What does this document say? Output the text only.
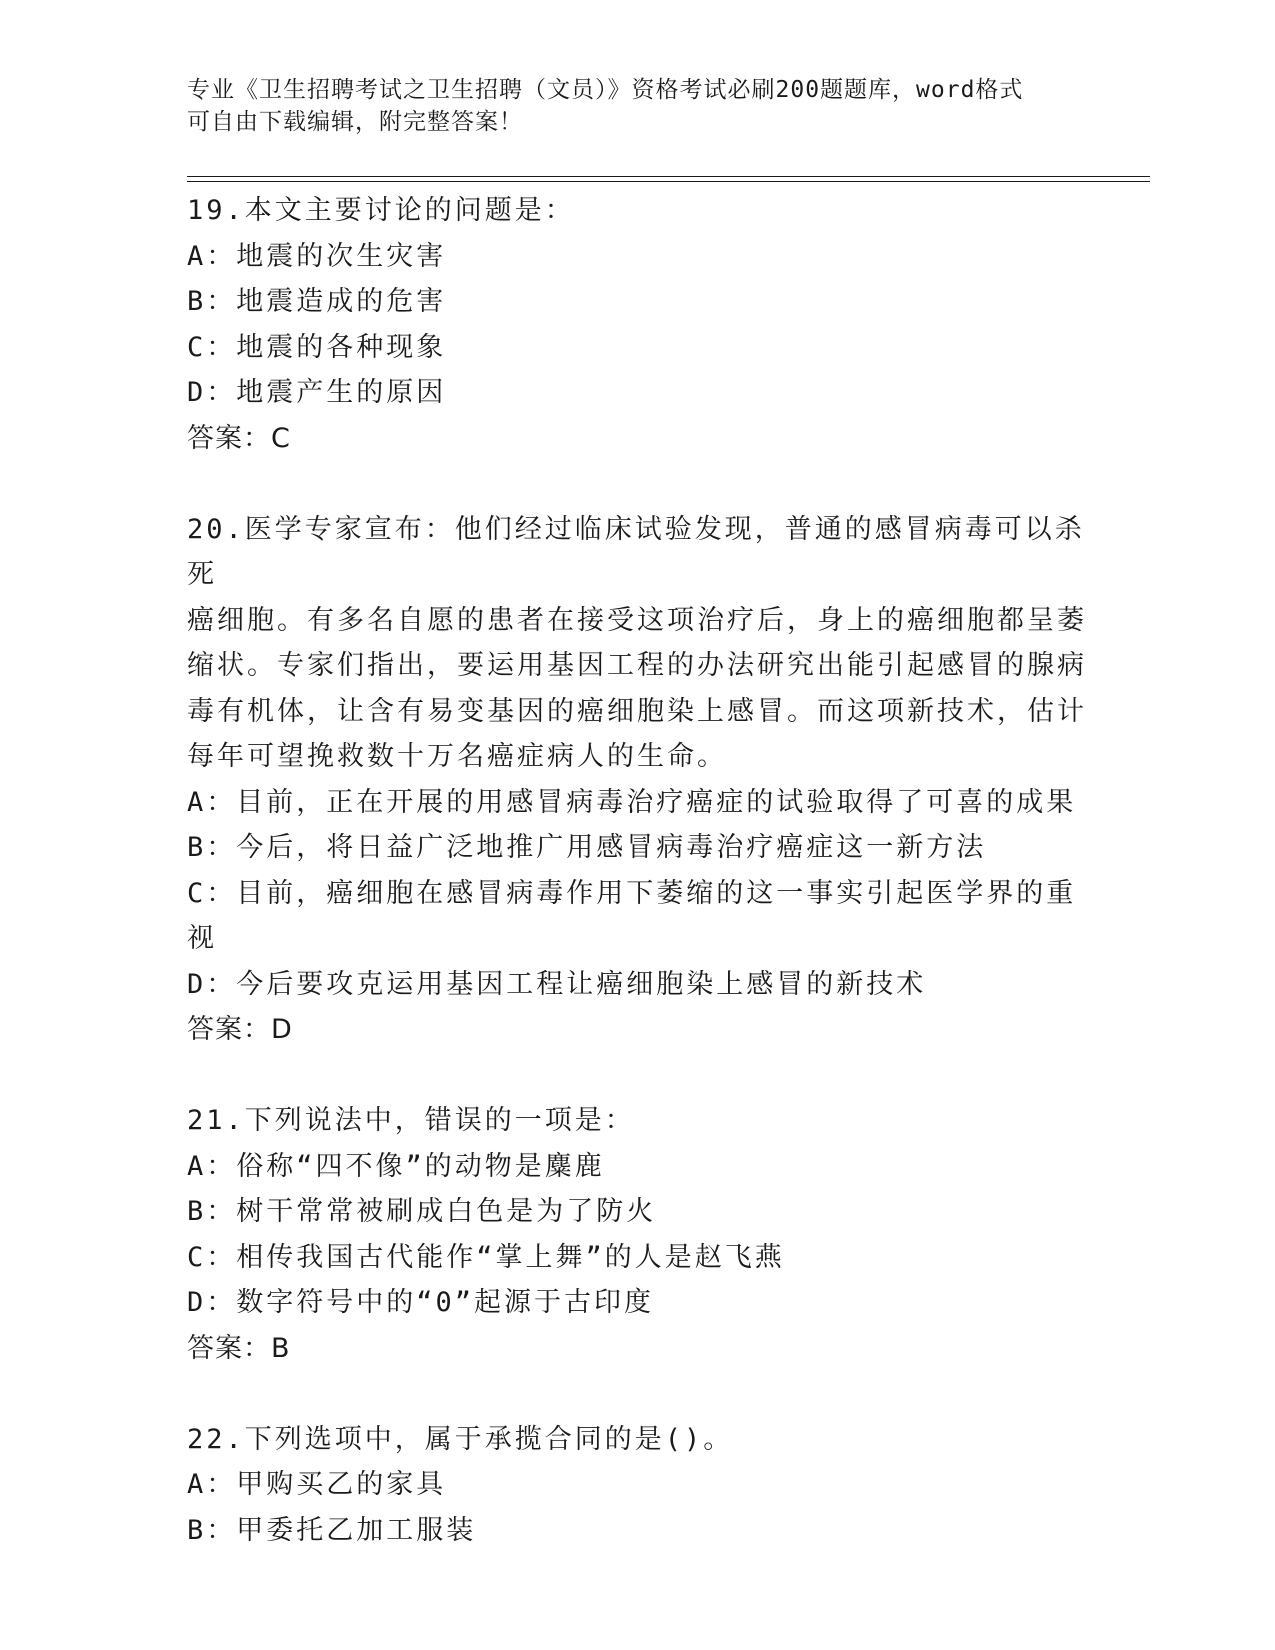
专业《卫生招聘考试之卫生招聘（文员）》资格考试必刷200题题库，word格式
可自由下载编辑，附完整答案！
19.本文主要讨论的问题是：
A：地震的次生灾害
B：地震造成的危害
C：地震的各种现象
D：地震产生的原因
答案：C
20.医学专家宣布：他们经过临床试验发现，普通的感冒病毒可以杀死
癌细胞。有多名自愿的患者在接受这项治疗后，身上的癌细胞都呈萎
缩状。专家们指出，要运用基因工程的办法研究出能引起感冒的腺病
毒有机体，让含有易变基因的癌细胞染上感冒。而这项新技术，估计
每年可望挽救数十万名癌症病人的生命。
A：目前，正在开展的用感冒病毒治疗癌症的试验取得了可喜的成果
B：今后，将日益广泛地推广用感冒病毒治疗癌症这一新方法
C：目前，癌细胞在感冒病毒作用下萎缩的这一事实引起医学界的重视
D：今后要攻克运用基因工程让癌细胞染上感冒的新技术
答案：D
21.下列说法中，错误的一项是：
A：俗称“四不像”的动物是麋鹿
B：树干常常被刷成白色是为了防火
C：相传我国古代能作“掌上舞”的人是赵飞燕
D：数字符号中的“0”起源于古印度
答案：B
22.下列选项中，属于承揽合同的是()。
A：甲购买乙的家具
B：甲委托乙加工服装
